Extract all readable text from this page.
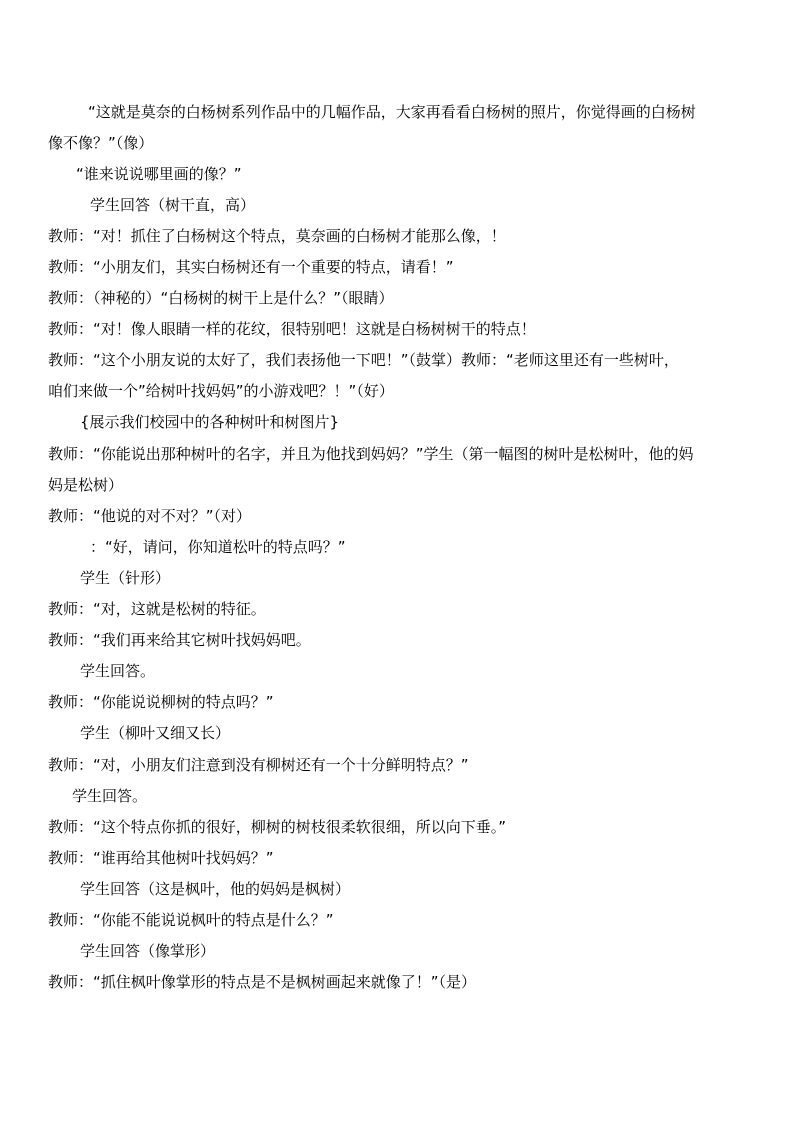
“这就是莫奈的白杨树系列作品中的几幅作品，大家再看看白杨树的照片，你觉得画的白杨树
像不像？”（像）
“谁来说说哪里画的像？”
学生回答（树干直，高）
教师：“对！抓住了白杨树这个特点，莫奈画的白杨树才能那么像，！
教师：“小朋友们，其实白杨树还有一个重要的特点，请看！”
教师：（神秘的）“白杨树的树干上是什么？”（眼睛）
教师：“对！像人眼睛一样的花纹，很特别吧！这就是白杨树树干的特点！
教师：“这个小朋友说的太好了，我们表扬他一下吧！”（鼓掌）教师：“老师这里还有一些树叶，
咱们来做一个”给树叶找妈妈”的小游戏吧？！”（好）
{展示我们校园中的各种树叶和树图片}
教师：“你能说出那种树叶的名字，并且为他找到妈妈？”学生（第一幅图的树叶是松树叶，他的妈
妈是松树）
教师：“他说的对不对？”（对）
：“好，请问，你知道松叶的特点吗？”
学生（针形）
教师：“对，这就是松树的特征。
教师：“我们再来给其它树叶找妈妈吧。
学生回答。
教师：“你能说说柳树的特点吗？”
学生（柳叶又细又长）
教师：“对，小朋友们注意到没有柳树还有一个十分鲜明特点？”
学生回答。
教师：“这个特点你抓的很好，柳树的树枝很柔软很细，所以向下垂。”
教师：“谁再给其他树叶找妈妈？”
学生回答（这是枫叶，他的妈妈是枫树）
教师：“你能不能说说枫叶的特点是什么？”
学生回答（像掌形）
教师：“抓住枫叶像掌形的特点是不是枫树画起来就像了！”（是）
